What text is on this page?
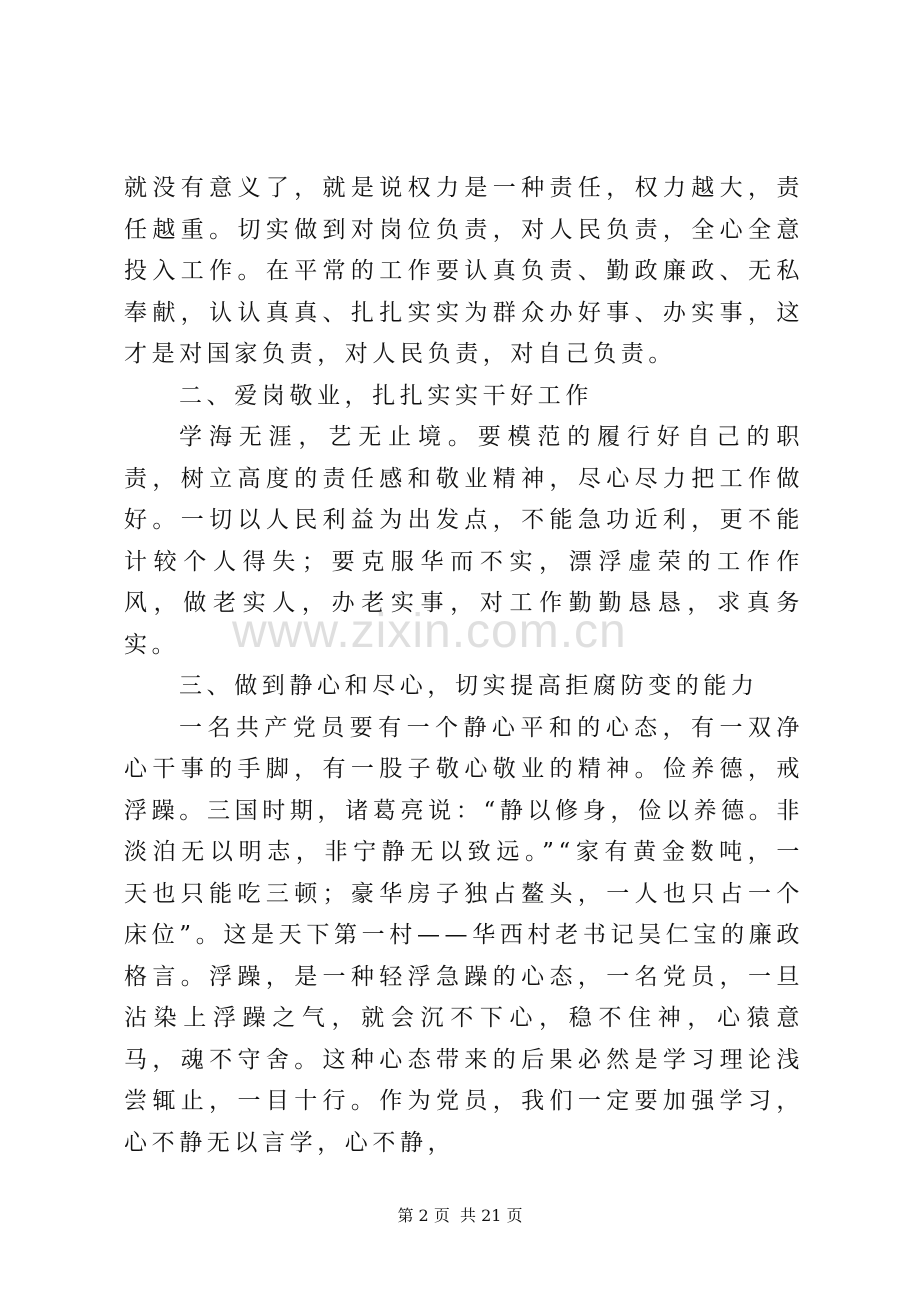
就没有意义了，就是说权力是一种责任，权力越大，责任越重。切实做到对岗位负责，对人民负责，全心全意投入工作。在平常的工作要认真负责、勤政廉政、无私奉献，认认真真、扎扎实实为群众办好事、办实事，这才是对国家负责，对人民负责，对自己负责。

二、爱岗敬业，扎扎实实干好工作

学海无涯，艺无止境。要模范的履行好自己的职责，树立高度的责任感和敬业精神，尽心尽力把工作做好。一切以人民利益为出发点，不能急功近利，更不能计较个人得失；要克服华而不实，漂浮虚荣的工作作风，做老实人，办老实事，对工作勤勤恳恳，求真务实。

三、做到静心和尽心，切实提高拒腐防变的能力

一名共产党员要有一个静心平和的心态，有一双净心干事的手脚，有一股子敬心敬业的精神。俭养德，戒浮躁。三国时期，诸葛亮说：“静以修身，俭以养德。非淡泊无以明志，非宁静无以致远。”“家有黄金数吨，一天也只能吃三顿；豪华房子独占鳌头，一人也只占一个床位”。这是天下第一村——华西村老书记吴仁宝的廉政格言。浮躁，是一种轻浮急躁的心态，一名党员，一旦沾染上浮躁之气，就会沉不下心，稳不住神，心猿意马，魂不守舍。这种心态带来的后果必然是学习理论浅尝辄止，一目十行。作为党员，我们一定要加强学习，心不静无以言学，心不静，

www.zixin.com.cn
第 2 页  共 21 页
